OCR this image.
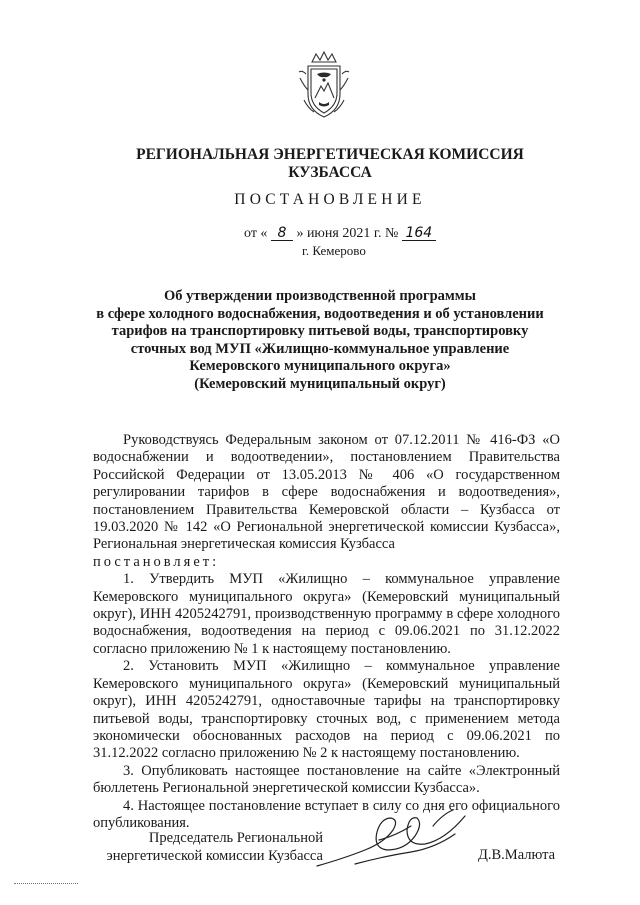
РЕГИОНАЛЬНАЯ ЭНЕРГЕТИЧЕСКАЯ КОМИССИЯ
КУЗБАССА
ПОСТАНОВЛЕНИЕ
от « 8 » июня 2021 г. № 164
г. Кемерово
Об утверждении производственной программы
в сфере холодного водоснабжения, водоотведения и об установлении
тарифов на транспортировку питьевой воды, транспортировку
сточных вод МУП «Жилищно-коммунальное управление
Кемеровского муниципального округа»
(Кемеровский муниципальный округ)

Руководствуясь Федеральным законом от 07.12.2011 № 416-ФЗ «О водоснабжении и водоотведении», постановлением Правительства Российской Федерации от 13.05.2013 № 406 «О государственном регулировании тарифов в сфере водоснабжения и водоотведения», постановлением Правительства Кемеровской области – Кузбасса от 19.03.2020 № 142 «О Региональной энергетической комиссии Кузбасса», Региональная энергетическая комиссия Кузбасса
постановляет:

1. Утвердить МУП «Жилищно – коммунальное управление Кемеровского муниципального округа» (Кемеровский муниципальный округ), ИНН 4205242791, производственную программу в сфере холодного водоснабжения, водоотведения на период с 09.06.2021 по 31.12.2022 согласно приложению № 1 к настоящему постановлению.

2. Установить МУП «Жилищно – коммунальное управление Кемеровского муниципального округа» (Кемеровский муниципальный округ), ИНН 4205242791, одноставочные тарифы на транспортировку питьевой воды, транспортировку сточных вод, с применением метода экономически обоснованных расходов на период с 09.06.2021 по 31.12.2022 согласно приложению № 2 к настоящему постановлению.

3. Опубликовать настоящее постановление на сайте «Электронный бюллетень Региональной энергетической комиссии Кузбасса».

4. Настоящее постановление вступает в силу со дня его официального опубликования.

Председатель Региональной
энергетической комиссии Кузбасса	Д.В.Малюта
